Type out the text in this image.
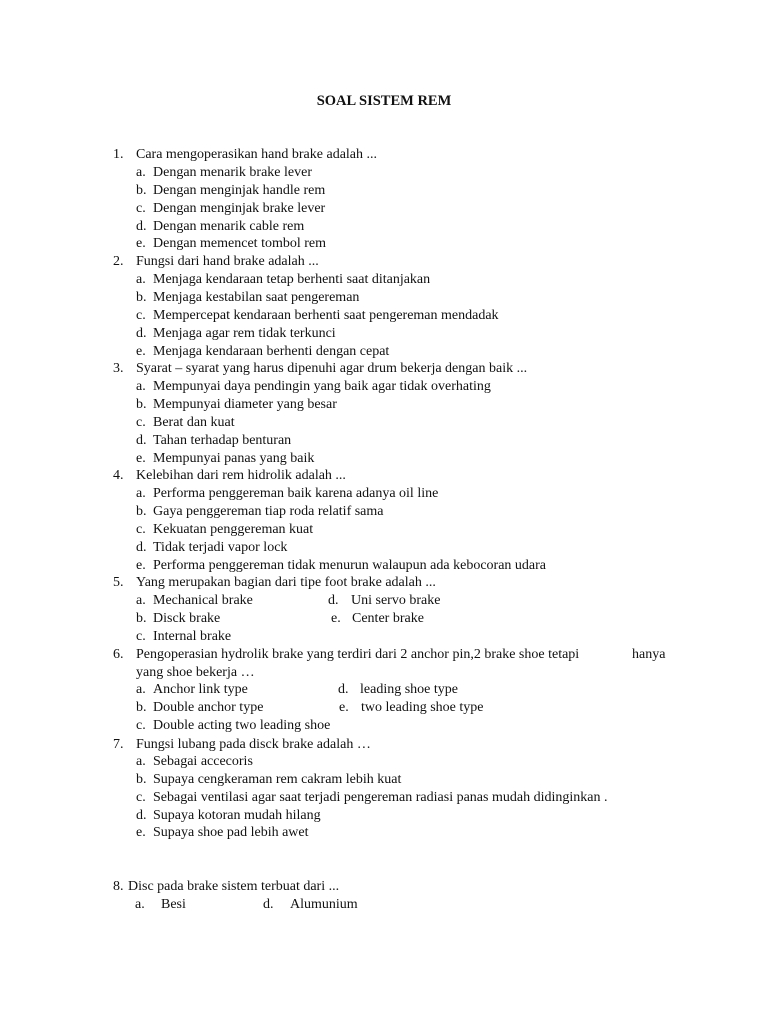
SOAL SISTEM REM
1. Cara mengoperasikan hand brake adalah ...
a. Dengan menarik brake lever
b. Dengan menginjak handle rem
c. Dengan menginjak brake lever
d. Dengan menarik cable rem
e. Dengan memencet tombol rem
2. Fungsi dari hand brake adalah ...
a. Menjaga kendaraan tetap berhenti saat ditanjakan
b. Menjaga kestabilan saat pengereman
c. Mempercepat kendaraan berhenti saat pengereman mendadak
d. Menjaga agar rem tidak terkunci
e. Menjaga kendaraan berhenti dengan cepat
3. Syarat – syarat yang harus dipenuhi agar drum bekerja dengan baik ...
a. Mempunyai daya pendingin yang baik agar tidak overhating
b. Mempunyai diameter yang besar
c. Berat dan kuat
d. Tahan terhadap benturan
e. Mempunyai panas yang baik
4. Kelebihan dari rem hidrolik adalah ...
a. Performa penggereman baik karena adanya oil line
b. Gaya penggereman tiap roda relatif sama
c. Kekuatan penggereman kuat
d. Tidak terjadi vapor lock
e. Performa penggereman tidak menurun walaupun ada kebocoran udara
5. Yang merupakan bagian dari tipe foot brake adalah ...
a. Mechanical brake	d. Uni servo brake
b. Disck brake	e. Center brake
c. Internal brake
6. Pengoperasian hydrolik brake yang terdiri dari 2 anchor pin,2 brake shoe tetapi	hanya
yang shoe bekerja …
a. Anchor link type	d. leading shoe type
b. Double anchor type	e. two leading shoe type
c. Double acting two leading shoe
7. Fungsi lubang pada disck brake adalah …
a. Sebagai accecoris
b. Supaya cengkeraman rem cakram lebih kuat
c. Sebagai ventilasi agar saat terjadi pengereman radiasi panas mudah didinginkan .
d. Supaya kotoran mudah hilang
e. Supaya shoe pad lebih awet
8. Disc pada brake sistem terbuat dari ...
a. Besi	d. Alumunium
